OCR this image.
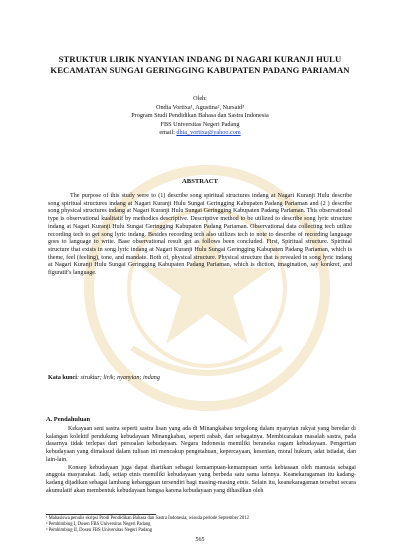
STRUKTUR LIRIK NYANYIAN INDANG DI NAGARI KURANJI HULU
KECAMATAN SUNGAI GERINGGING KABUPATEN PADANG PARIAMAN
Oleh:
Ondia Vortixa¹, Agustina², Nursaid³
Program Studi Pendidikan Bahasa dan Sastra Indonesia
FBS Universitas Negeri Padang
email: dhia_vortixa@yahoo.com
ABSTRACT

The purpose of this study were to (1) describe song spiritual structures indang at Nagari Kuranji Hulu describe song spiritual structures indang at Nagari Kuranji Hulu Sungai Geringging Kabupaten Padang Pariaman and (2 ) describe song physical structures indang at Nagari Kuranji Hulu Sungai Geringging Kabupaten Padang Pariaman. This observational type is observational kualitatif by methodics descriptive. Descriptive method to be utilized to describe song lyric structure indang at Nagari Kuranji Hulu Sungai Geringging Kabupaten Padang Pariaman. Observational data collecting tech utilize recording tech to get song lyric indang. Besides recording tech also utilizes tech to note to describe of recording language goes to language to write. Base observational result get as follows been concluded. First, Spiritual structure. Spiritual structure that exists in song lyric indang at Nagari Kuranji Hulu Sungai Geringging Kabupaten Padang Pariaman, which is theme, feel (feeling), tone, and mandate. Both of, physical structure. Physical structure that is revealed in song lyric indang at Nagari Kuranji Hulu Sungai Geringging Kabupaten Padang Pariaman, which is diction, imagination, say konkret, and figuratif's language.

Kata kunci: struktur; lirik; nyanyian; indang
A. Pendahuluan

Kekayaan seni sastra seperti sastra lisan yang ada di Minangkabau tergolong dalam nyanyian rakyat yang beredar di kalangan kolektif pendukung kebudayaan Minangkabau, seperti rabab, dan sebagainya. Membicarakan masalah sastra, pada dasarnya tidak terlepas dari persoalan kebudayaan. Negara Indonesia memiliki beraneka ragam kebudayaan. Pengertian kebudayaan yang dimaksud dalam tulisan ini mencakup pengetahuan, kepercayaan, kesenian, moral hukum, adat istiadat, dan lain-lain.

Konsep kebudayaan juga dapat diartikan sebagai kemampuan-kemampuan serta kebiasaan oleh manusia sebagai anggota masyarakat. Jadi, setiap etnis memiliki kebudayaan yang berbeda satu sama lainnya. Keanekaragaman itu kadang-kadang dijadikan sebagai lambang kebanggaan tersendiri bagi masing-masing etnis. Selain itu, keanekaragaman tersebut secara akumulatif akan membentuk kebudayaan bangsa karena kebudayaan yang dihasilkan oleh

¹ Mahasiswa penulis skripsi Prodi Pendidikan Bahasa dan Sastra Indonesia, wisuda periode September 2012
² Pembimbing I, Dosen FBS Universitas Negeri Padang
³ Pembimbing II, Dosen FBS Universitas Negeri Padang
565
